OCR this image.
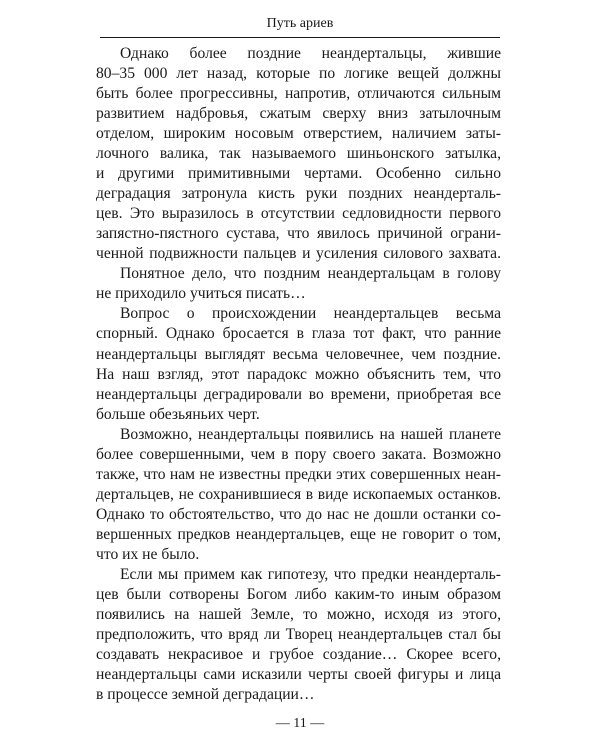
Путь ариев
Однако более поздние неандертальцы, жившие
80–35 000 лет назад, которые по логике вещей должны
быть более прогрессивны, напротив, отличаются сильным
развитием надбровья, сжатым сверху вниз затылочным
отделом, широким носовым отверстием, наличием заты-
лочного валика, так называемого шиньонского затылка,
и другими примитивными чертами. Особенно сильно
деградация затронула кисть руки поздних неандерталь-
цев. Это выразилось в отсутствии седловидности первого
запястно-пястного сустава, что явилось причиной ограни-
ченной подвижности пальцев и усиления силового захвата.
Понятное дело, что поздним неандертальцам в голову
не приходило учиться писать…
Вопрос о происхождении неандертальцев весьма
спорный. Однако бросается в глаза тот факт, что ранние
неандертальцы выглядят весьма человечнее, чем поздние.
На наш взгляд, этот парадокс можно объяснить тем, что
неандертальцы деградировали во времени, приобретая все
больше обезьяньих черт.
Возможно, неандертальцы появились на нашей планете
более совершенными, чем в пору своего заката. Возможно
также, что нам не известны предки этих совершенных неан-
дертальцев, не сохранившиеся в виде ископаемых останков.
Однако то обстоятельство, что до нас не дошли останки со-
вершенных предков неандертальцев, еще не говорит о том,
что их не было.
Если мы примем как гипотезу, что предки неандерталь-
цев были сотворены Богом либо каким-то иным образом
появились на нашей Земле, то можно, исходя из этого,
предположить, что вряд ли Творец неандертальцев стал бы
создавать некрасивое и грубое создание… Скорее всего,
неандертальцы сами исказили черты своей фигуры и лица
в процессе земной деградации…
— 11 —
